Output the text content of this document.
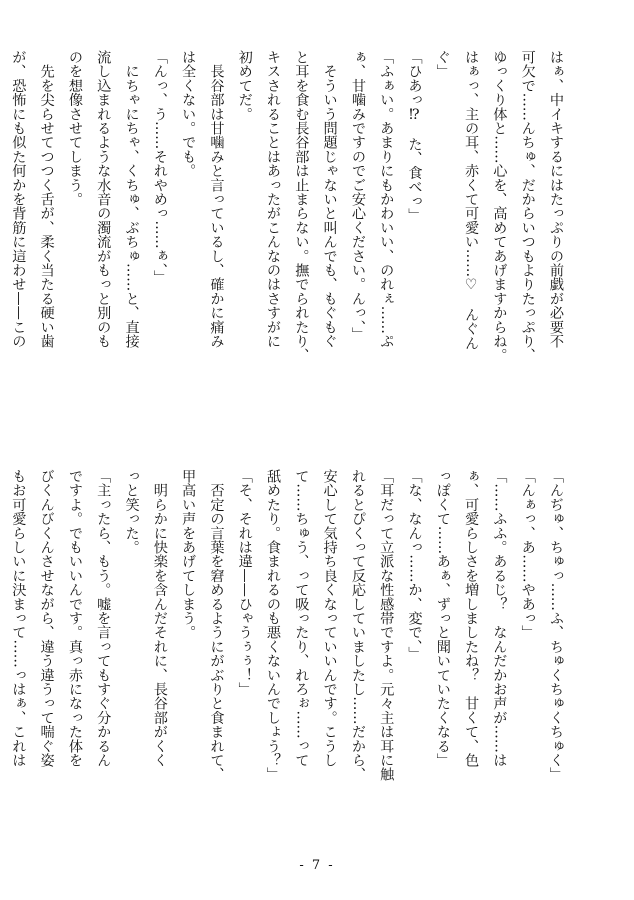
はぁ、中イキするにはたっぷりの前戯が必要不
可欠で……んちゅ、だからいつもよりたっぷり、
ゆっくり体と……心を、高めてあげますからね。
はぁっ、主の耳、赤くて可愛い……♡　んぐん
ぐ」
「ひあっ⁉　た、食べっ」
「ふぁい。あまりにもかわいい、のれぇ……ぷ
ぁ、甘噛みですのでご安心ください。んっ、」
　そういう問題じゃないと叫んでも、もぐもぐ
と耳を食む長谷部は止まらない。撫でられたり、
キスされることはあったがこんなのはさすがに
初めてだ。
　長谷部は甘噛みと言っているし、確かに痛み
は全くない。でも。
「んっ、う……それやめっ……ぁ、」
　にちゃにちゃ、くちゅ、ぶちゅ……と、直接
流し込まれるような水音の濁流がもっと別のも
のを想像させてしまう。
　先を尖らせてつつく舌が、柔く当たる硬い歯
が、恐怖にも似た何かを背筋に這わせ——この
「んぢゅ、ちゅっ……ふ、ちゅくちゅくちゅく」
「んぁっ、あ……やあっ」
「……ふふ。あるじ？　なんだかお声が……は
ぁ、可愛らしさを増しましたね？　甘くて、色
っぽくて……あぁ、ずっと聞いていたくなる」
「な、なんっ……か、変で、」
「耳だって立派な性感帯ですよ。元々主は耳に触
れるとぴくって反応していましたし……だから、
安心して気持ち良くなっていいんです。こうし
て……ちゅう、って吸ったり、れろぉ……って
舐めたり。食まれるのも悪くないんでしょう？」
「そ、それは違——ひゃうぅぅ！」
　否定の言葉を窘めるようにがぶりと食まれて、
甲高い声をあげてしまう。
　明らかに快楽を含んだそれに、長谷部がくく
っと笑った。
「主ったら、もう。嘘を言ってもすぐ分かるん
ですよ。でもいいんです。真っ赤になった体を
びくんびくんさせながら、違う違うって喘ぐ姿
もお可愛らしいに決まって……っはぁ、これは
- 7 -
